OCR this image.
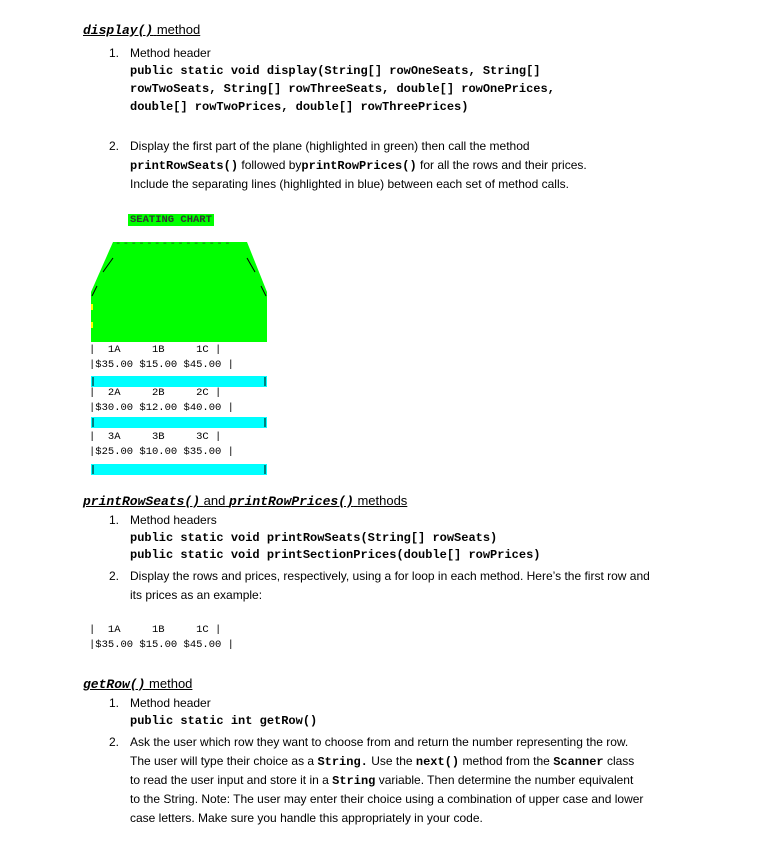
display() method
1. Method header
public static void display(String[] rowOneSeats, String[]
rowTwoSeats, String[] rowThreeSeats, double[] rowOnePrices,
double[] rowTwoPrices, double[] rowThreePrices)
2. Display the first part of the plane (highlighted in green) then call the method
printRowSeats() followed byprintRowPrices() for all the rows and their prices.
Include the separating lines (highlighted in blue) between each set of method calls.
SEATING CHART
---------------
|  1A     1B     1C |
|$35.00 $15.00 $45.00 |
|  2A     2B     2C |
|$30.00 $12.00 $40.00 |
|  3A     3B     3C |
|$25.00 $10.00 $35.00 |
printRowSeats() and printRowPrices() methods
1. Method headers
public static void printRowSeats(String[] rowSeats)
public static void printSectionPrices(double[] rowPrices)
2. Display the rows and prices, respectively, using a for loop in each method. Here’s the first row and
its prices as an example:
|  1A     1B     1C |
|$35.00 $15.00 $45.00 |
getRow() method
1. Method header
public static int getRow()
2. Ask the user which row they want to choose from and return the number representing the row.
The user will type their choice as a String. Use the next() method from the Scanner class
to read the user input and store it in a String variable. Then determine the number equivalent
to the String. Note: The user may enter their choice using a combination of upper case and lower
case letters. Make sure you handle this appropriately in your code.
